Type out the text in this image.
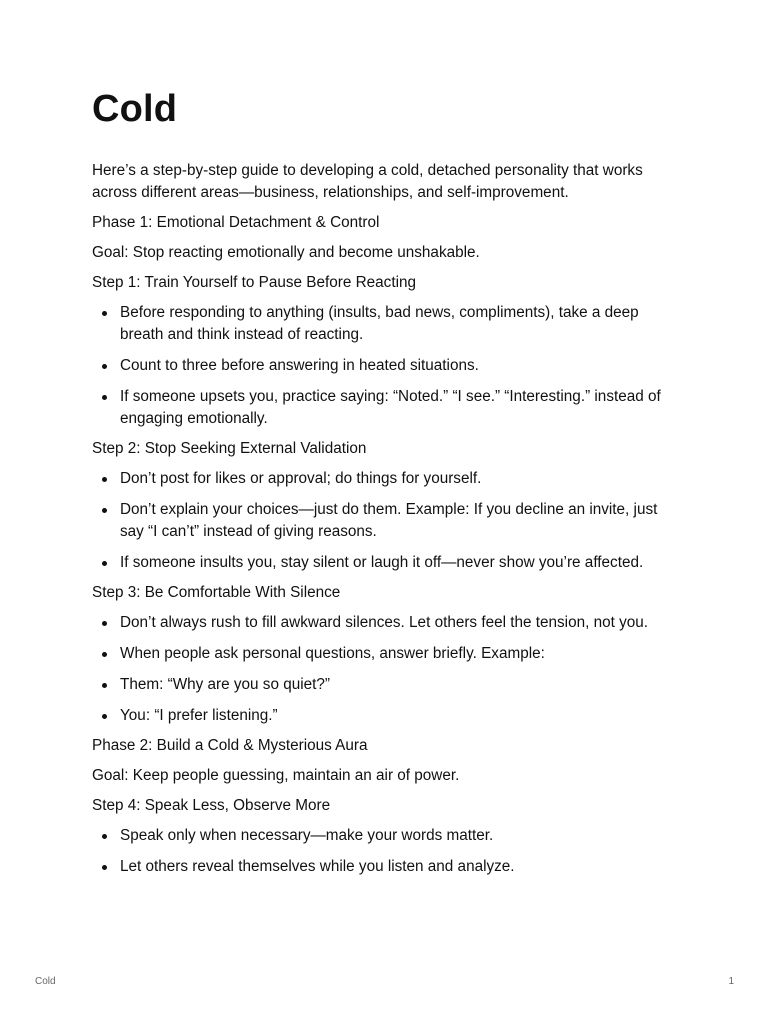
Cold

Here’s a step-by-step guide to developing a cold, detached personality that works across different areas—business, relationships, and self-improvement.

Phase 1: Emotional Detachment & Control

Goal: Stop reacting emotionally and become unshakable.

Step 1: Train Yourself to Pause Before Reacting

Before responding to anything (insults, bad news, compliments), take a deep breath and think instead of reacting.
Count to three before answering in heated situations.
If someone upsets you, practice saying: “Noted.” “I see.” “Interesting.” instead of engaging emotionally.

Step 2: Stop Seeking External Validation

Don’t post for likes or approval; do things for yourself.
Don’t explain your choices—just do them. Example: If you decline an invite, just say “I can’t” instead of giving reasons.
If someone insults you, stay silent or laugh it off—never show you’re affected.

Step 3: Be Comfortable With Silence

Don’t always rush to fill awkward silences. Let others feel the tension, not you.
When people ask personal questions, answer briefly. Example:
Them: “Why are you so quiet?”
You: “I prefer listening.”

Phase 2: Build a Cold & Mysterious Aura

Goal: Keep people guessing, maintain an air of power.

Step 4: Speak Less, Observe More

Speak only when necessary—make your words matter.
Let others reveal themselves while you listen and analyze.
Cold	1
